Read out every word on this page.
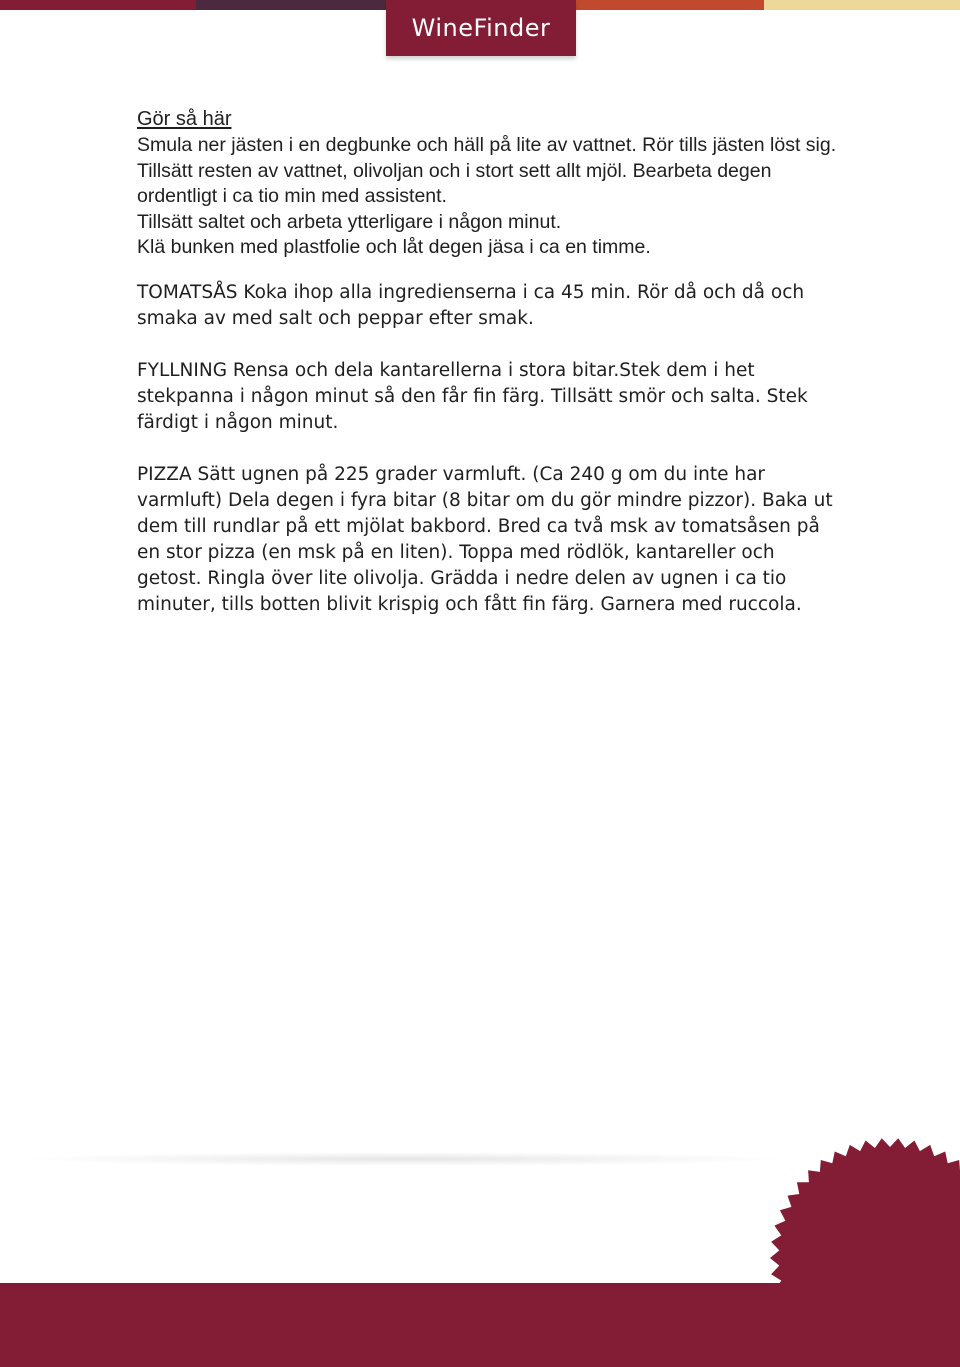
WineFinder
Gör så här

Smula ner jästen i en degbunke och häll på lite av vattnet. Rör tills jästen löst sig.

Tillsätt resten av vattnet, olivoljan och i stort sett allt mjöl. Bearbeta degen ordentligt i ca tio min med assistent.

Tillsätt saltet och arbeta ytterligare i någon minut.

Klä bunken med plastfolie och låt degen jäsa i ca en timme.

TOMATSÅS Koka ihop alla ingredienserna i ca 45 min. Rör då och då och smaka av med salt och peppar efter smak.

FYLLNING Rensa och dela kantarellerna i stora bitar.Stek dem i het stekpanna i någon minut så den får fin färg. Tillsätt smör och salta. Stek färdigt i någon minut.

PIZZA Sätt ugnen på 225 grader varmluft. (Ca 240 g om du inte har varmluft) Dela degen i fyra bitar (8 bitar om du gör mindre pizzor). Baka ut dem till rundlar på ett mjölat bakbord. Bred ca två msk av tomatsåsen på en stor pizza (en msk på en liten). Toppa med rödlök, kantareller och getost. Ringla över lite olivolja. Grädda i nedre delen av ugnen i ca tio minuter, tills botten blivit krispig och fått fin färg. Garnera med ruccola.
